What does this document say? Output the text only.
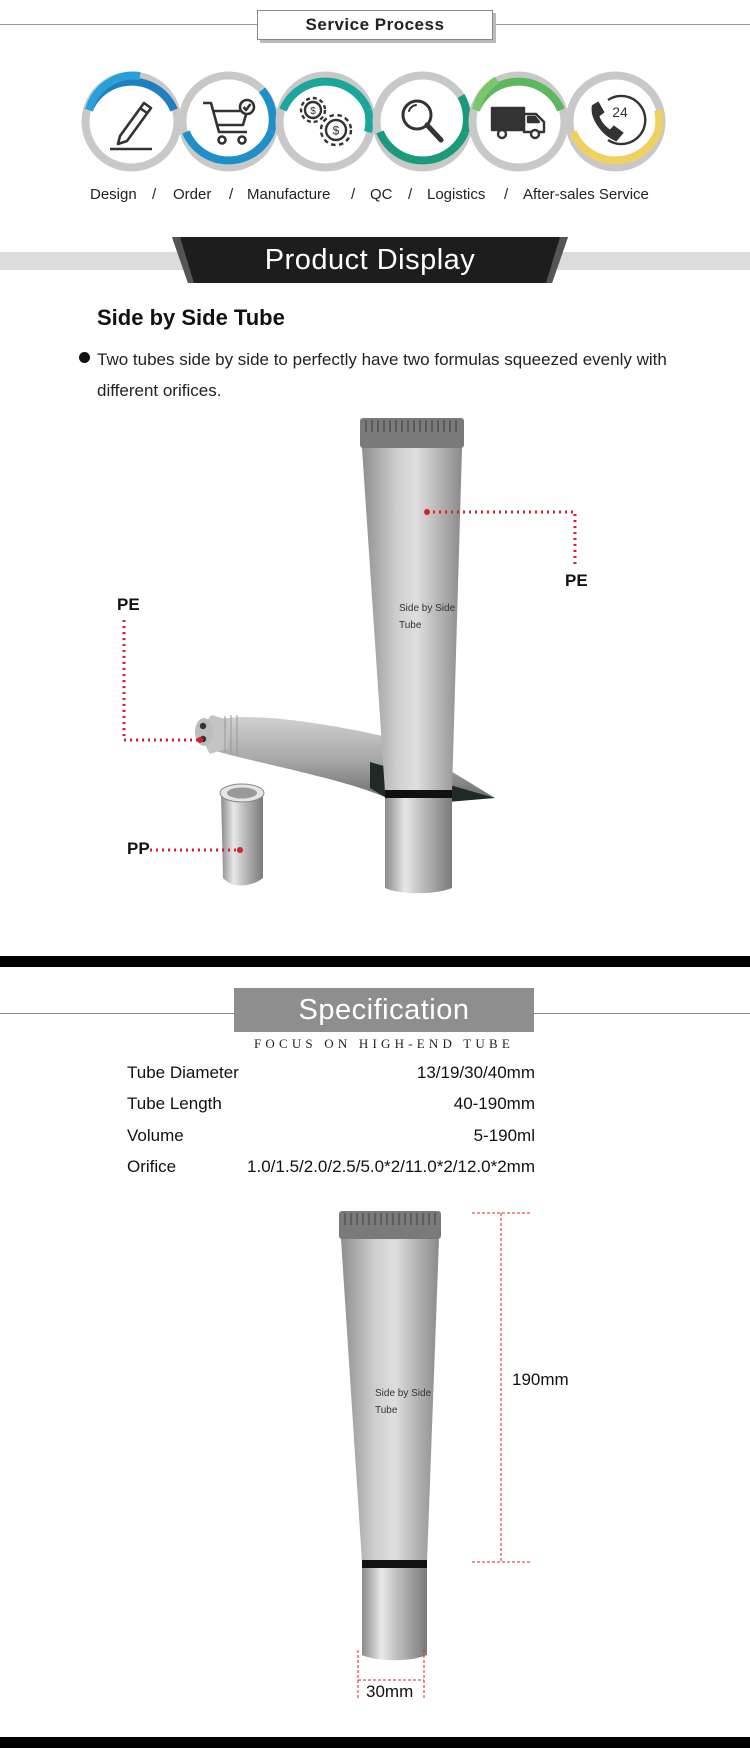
Service Process
$
$
24
Design / Order / Manufacture / QC / Logistics / After-sales Service
Product Display
Side by Side Tube
Two tubes side by side to perfectly have two formulas squeezed evenly with different orifices.
Side by Side
Tube
PE
PE
PP
Specification
FOCUS ON HIGH-END TUBE
Tube Diameter	13/19/30/40mm
Tube Length	40-190mm
Volume	5-190ml
Orifice	1.0/1.5/2.0/2.5/5.0*2/11.0*2/12.0*2mm
Side by Side
Tube
190mm
30mm
